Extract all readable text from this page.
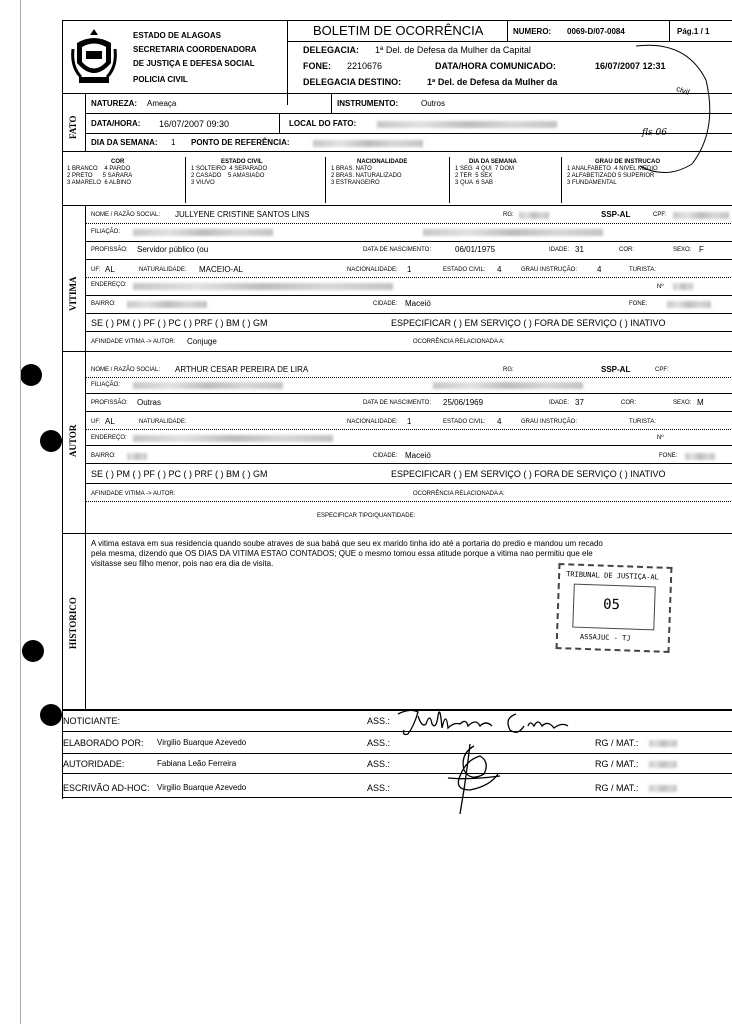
ESTADO DE ALAGOAS
SECRETARIA COORDENADORA
DE JUSTIÇA E DEFESA SOCIAL
POLICIA CIVIL
BOLETIM DE OCORRÊNCIA	NUMERO: 0069-D/07-0084	Pág.1 / 1
DELEGACIA: 1ª Del. de Defesa da Mulher da Capital
FONE: 2210676	DATA/HORA COMUNICADO:	16/07/2007 12:31
DELEGACIA DESTINO:	1ª Del. de Defesa da Mulher da
FATO
NATUREZA: Ameaça	INSTRUMENTO:	Outros
DATA/HORA: 16/07/2007 09:30	LOCAL DO FATO:
DIA DA SEMANA: 1 PONTO DE REFERÊNCIA:
COR
1 BRANCO    4 PARDO
2 PRETO      5 SARARA
3 AMARELO  6 ALBINO
ESTADO CIVIL
1 SOLTEIRO  4 SEPARADO
2 CASADO    5 AMASIADO
3 VIUVO
NACIONALIDADE
1 BRAS. NATO
2 BRAS. NATURALIZADO
3 ESTRANGEIRO
DIA DA SEMANA
1 SEG  4 QUI  7 DOM
2 TER  5 SEX
3 QUA  6 SAB
GRAU DE INSTRUCAO
1 ANALFABETO  4 NIVEL MEDIO
2 ALFABETIZADO 5 SUPERIOR
3 FUNDAMENTAL
VITIMA
NOME / RAZÃO SOCIAL: JULLYENE CRISTINE SANTOS LINS	RG:	SSP-AL	CPF:
FILIAÇÃO:
PROFISSÃO: Servidor público (ou	DATA DE NASCIMENTO:	06/01/1975	IDADE: 31	COR:	SEXO: F
UF: AL	NATURALIDADE: MACEIO-AL	NACIONALIDADE: 1	ESTADO CIVIL: 4	GRAU INSTRUÇÃO: 4	TURISTA:
ENDEREÇO:	Nº
BAIRRO:	CIDADE: Maceió	FONE:
SE ( ) PM ( ) PF ( ) PC ( ) PRF ( ) BM ( ) GM	ESPECIFICAR ( ) EM SERVIÇO ( ) FORA DE SERVIÇO ( ) INATIVO
AFINIDADE VITIMA -> AUTOR: Conjuge	OCORRÊNCIA RELACIONADA A:
AUTOR
NOME / RAZÃO SOCIAL: ARTHUR CESAR PEREIRA DE LIRA	RG:	SSP-AL	CPF:
FILIAÇÃO:
PROFISSÃO: Outras	DATA DE NASCIMENTO: 25/06/1969	IDADE: 37	COR:	SEXO: M
UF: AL	NATURALIDADE:	NACIONALIDADE: 1	ESTADO CIVIL: 4	GRAU INSTRUÇÃO:	TURISTA:
ENDEREÇO:	Nº
BAIRRO:	CIDADE: Maceió	FONE:
SE ( ) PM ( ) PF ( ) PC ( ) PRF ( ) BM ( ) GM	ESPECIFICAR ( ) EM SERVIÇO ( ) FORA DE SERVIÇO ( ) INATIVO
AFINIDADE VITIMA -> AUTOR:	OCORRÊNCIA RELACIONADA A:
ESPECIFICAR TIPO/QUANTIDADE:
HISTORICO
A vitima estava em sua residencia quando soube atraves de sua babá que seu ex marido tinha ido até a portaria do predio e mandou um recado
pela mesma, dizendo que OS DIAS DA VITIMA ESTAO CONTADOS; QUE o mesmo tomou essa atitude porque a vitima nao permitiu que ele
visitasse seu filho menor, pois nao era dia de visita.
TRIBUNAL DE JUSTIÇA-AL
05
ASSAJUC - TJ
NOTICIANTE:	ASS.:
ELABORADO POR: Virgilio Buarque Azevedo	ASS.:	RG / MAT.:
AUTORIDADE:	Fabiana Leão Ferreira	ASS.:	RG / MAT.:
ESCRIVÃO AD-HOC: Virgilio Buarque Azevedo	ASS.:	RG / MAT.:
civil
fls 06
